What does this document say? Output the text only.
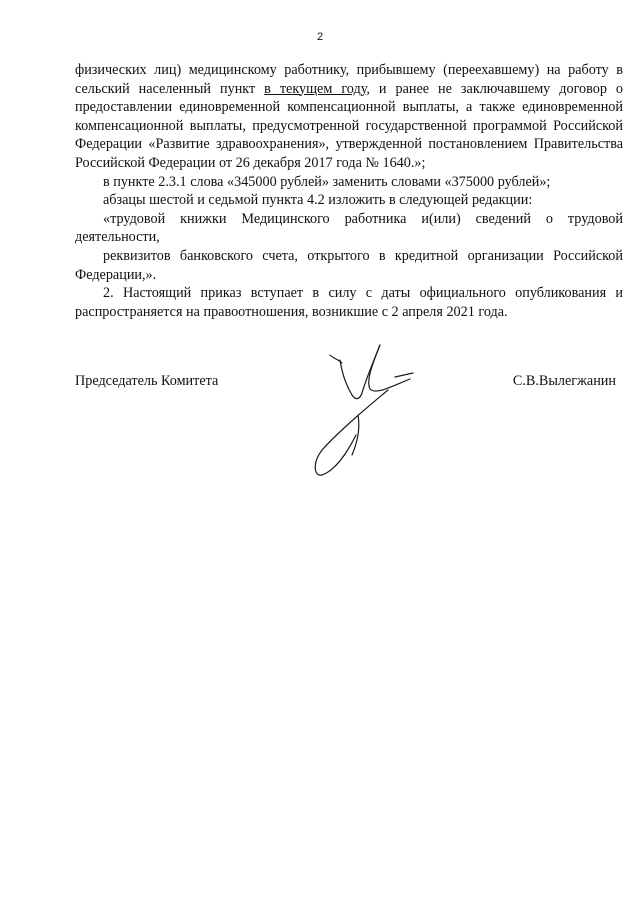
2

физических лиц) медицинскому работнику, прибывшему (переехавшему) на работу в сельский населенный пункт в текущем году, и ранее не заключавшему договор о предоставлении единовременной компенсационной выплаты, а также единовременной компенсационной выплаты, предусмотренной государственной программой Российской Федерации «Развитие здравоохранения», утвержденной постановлением Правительства Российской Федерации от 26 декабря 2017 года № 1640.»;

в пункте 2.3.1 слова «345000 рублей» заменить словами «375000 рублей»;

абзацы шестой и седьмой пункта 4.2 изложить в следующей редакции:

«трудовой книжки Медицинского работника и(или) сведений о трудовой деятельности,

реквизитов банковского счета, открытого в кредитной организации Российской Федерации,».

2. Настоящий приказ вступает в силу с даты официального опубликования и распространяется на правоотношения, возникшие с 2 апреля 2021 года.

Председатель Комитета	С.В.Вылегжанин
